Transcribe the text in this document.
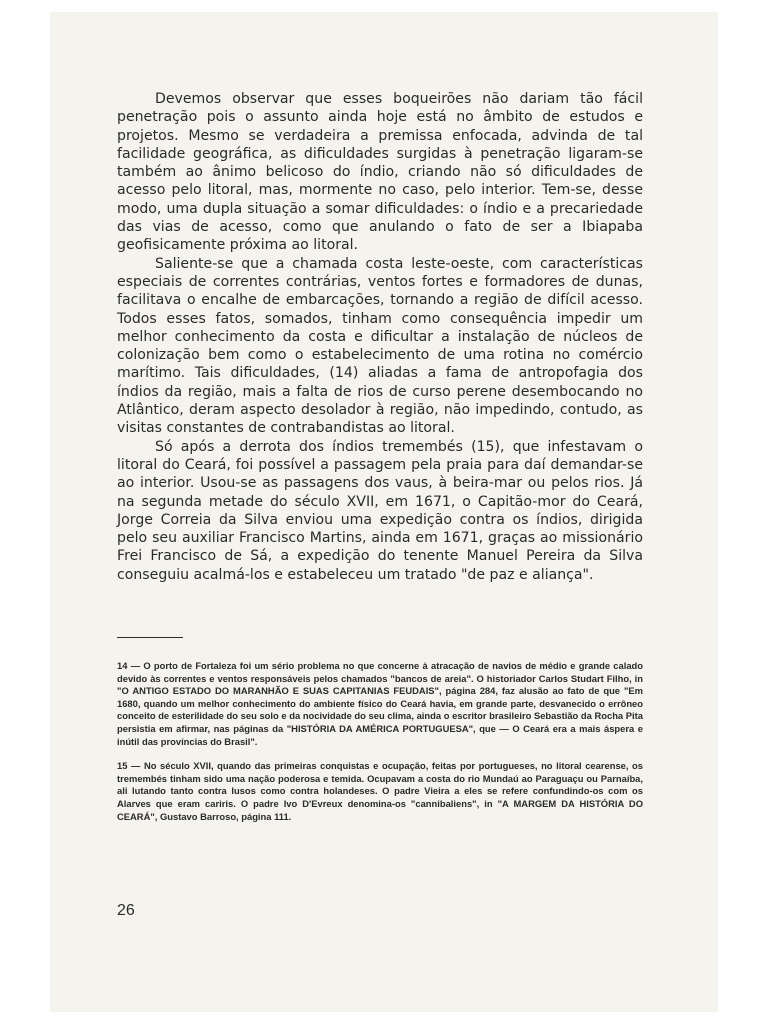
Devemos observar que esses boqueirões não dariam tão fácil penetração pois o assunto ainda hoje está no âmbito de estudos e projetos. Mesmo se verdadeira a premissa enfocada, advinda de tal facilidade geográfica, as dificuldades surgidas à penetração ligaram-se também ao ânimo belicoso do índio, criando não só dificuldades de acesso pelo litoral, mas, mormente no caso, pelo interior. Tem-se, desse modo, uma dupla situação a somar dificuldades: o índio e a precariedade das vias de acesso, como que anulando o fato de ser a Ibiapaba geofisicamente próxima ao litoral.

Saliente-se que a chamada costa leste-oeste, com características especiais de correntes contrárias, ventos fortes e formadores de dunas, facilitava o encalhe de embarcações, tornando a região de difícil acesso. Todos esses fatos, somados, tinham como consequência impedir um melhor conhecimento da costa e dificultar a instalação de núcleos de colonização bem como o estabelecimento de uma rotina no comércio marítimo. Tais dificuldades, (14) aliadas a fama de antropofagia dos índios da região, mais a falta de rios de curso perene desembocando no Atlântico, deram aspecto desolador à região, não impedindo, contudo, as visitas constantes de contrabandistas ao litoral.

Só após a derrota dos índios tremembés (15), que infestavam o litoral do Ceará, foi possível a passagem pela praia para daí demandar-se ao interior. Usou-se as passagens dos vaus, à beira-mar ou pelos rios. Já na segunda metade do século XVII, em 1671, o Capitão-mor do Ceará, Jorge Correia da Silva enviou uma expedição contra os índios, dirigida pelo seu auxiliar Francisco Martins, ainda em 1671, graças ao missionário Frei Francisco de Sá, a expedição do tenente Manuel Pereira da Silva conseguiu acalmá-los e estabeleceu um tratado "de paz e aliança".

14 — O porto de Fortaleza foi um sério problema no que concerne à atracação de navios de médio e grande calado devido às correntes e ventos responsáveis pelos chamados "bancos de areia". O historiador Carlos Studart Filho, in "O ANTIGO ESTADO DO MARANHÃO E SUAS CAPITANIAS FEUDAIS", página 284, faz alusão ao fato de que "Em 1680, quando um melhor conhecimento do ambiente físico do Ceará havia, em grande parte, desvanecido o errôneo conceito de esterilidade do seu solo e da nocividade do seu clima, ainda o escritor brasileiro Sebastião da Rocha Pita persistia em afirmar, nas páginas da "HISTÓRIA DA AMÉRICA PORTUGUESA", que — O Ceará era a mais áspera e inútil das províncias do Brasil".

15 — No século XVII, quando das primeiras conquistas e ocupação, feitas por portugueses, no litoral cearense, os tremembés tinham sido uma nação poderosa e temida. Ocupavam a costa do rio Mundaú ao Paraguaçu ou Parnaíba, ali lutando tanto contra lusos como contra holandeses. O padre Vieira a eles se refere confundindo-os com os Alarves que eram cariris. O padre Ivo D'Evreux denomina-os "cannibaliens", in "A MARGEM DA HISTÓRIA DO CEARÁ", Gustavo Barroso, página 111.

26
